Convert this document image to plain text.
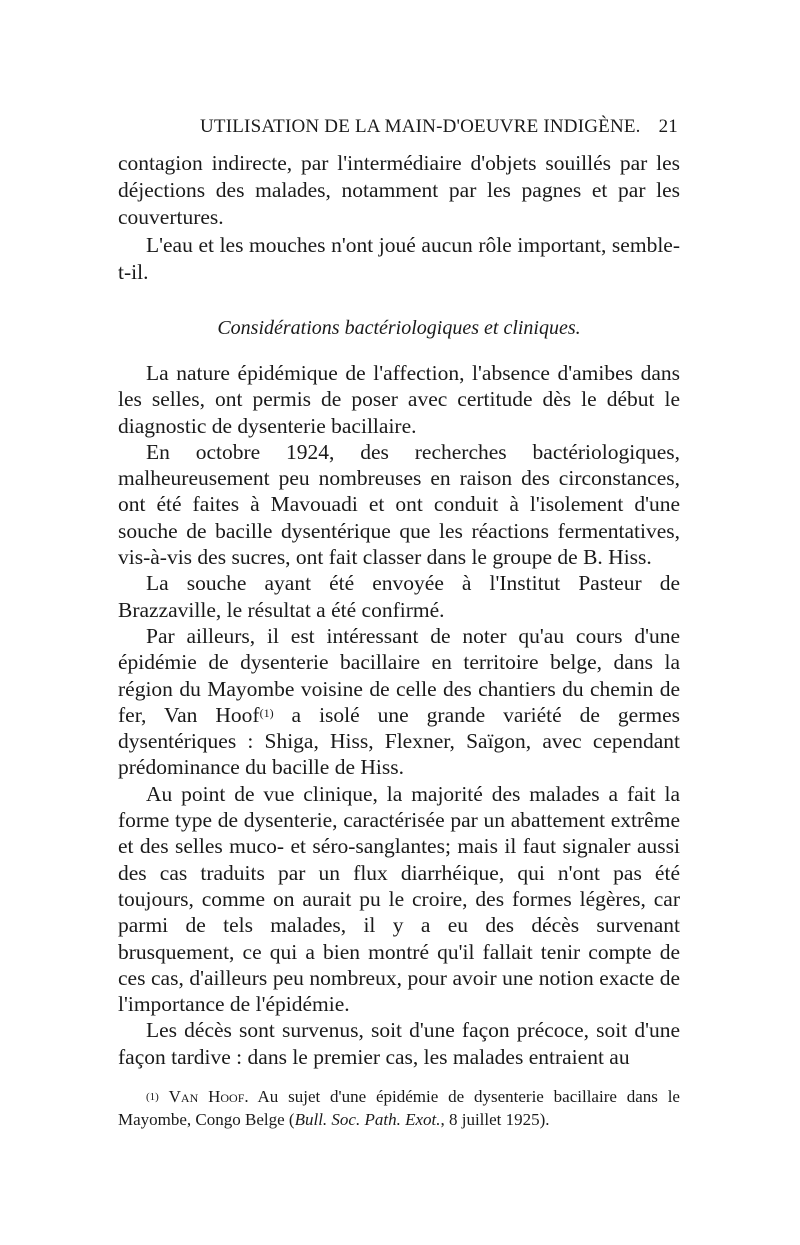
UTILISATION DE LA MAIN-D'OEUVRE INDIGÈNE. 21

contagion indirecte, par l'intermédiaire d'objets souillés par les déjections des malades, notamment par les pagnes et par les couvertures.

L'eau et les mouches n'ont joué aucun rôle important, semble-t-il.

Considérations bactériologiques et cliniques.

La nature épidémique de l'affection, l'absence d'amibes dans les selles, ont permis de poser avec certitude dès le début le diagnostic de dysenterie bacillaire.

En octobre 1924, des recherches bactériologiques, malheureusement peu nombreuses en raison des circonstances, ont été faites à Mavouadi et ont conduit à l'isolement d'une souche de bacille dysentérique que les réactions fermentatives, vis-à-vis des sucres, ont fait classer dans le groupe de B. Hiss.

La souche ayant été envoyée à l'Institut Pasteur de Brazzaville, le résultat a été confirmé.

Par ailleurs, il est intéressant de noter qu'au cours d'une épidémie de dysenterie bacillaire en territoire belge, dans la région du Mayombe voisine de celle des chantiers du chemin de fer, Van Hoof$^{(1)}$ a isolé une grande variété de germes dysentériques : Shiga, Hiss, Flexner, Saïgon, avec cependant prédominance du bacille de Hiss.

Au point de vue clinique, la majorité des malades a fait la forme type de dysenterie, caractérisée par un abattement extrême et des selles muco- et séro-sanglantes; mais il faut signaler aussi des cas traduits par un flux diarrhéique, qui n'ont pas été toujours, comme on aurait pu le croire, des formes légères, car parmi de tels malades, il y a eu des décès survenant brusquement, ce qui a bien montré qu'il fallait tenir compte de ces cas, d'ailleurs peu nombreux, pour avoir une notion exacte de l'importance de l'épidémie.

Les décès sont survenus, soit d'une façon précoce, soit d'une façon tardive : dans le premier cas, les malades entraient au

$^{(1)}$ Van Hoof. Au sujet d'une épidémie de dysenterie bacillaire dans le Mayombe, Congo Belge (Bull. Soc. Path. Exot., 8 juillet 1925).
